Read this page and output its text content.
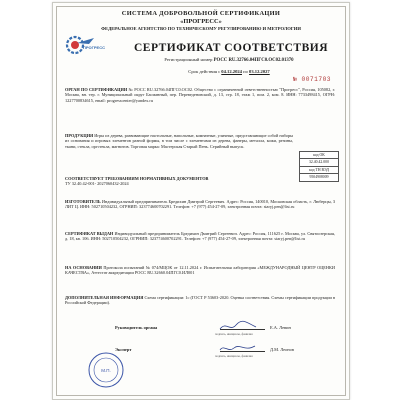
СИСТЕМА ДОБРОВОЛЬНОЙ СЕРТИФИКАЦИИ
«ПРОГРЕСС»
ФЕДЕРАЛЬНОЕ АГЕНТСТВО ПО ТЕХНИЧЕСКОМУ РЕГУЛИРОВАНИЮ И МЕТРОЛОГИИ
ПРОГРЕСС	СЕРТИФИКАТ СООТВЕТСТВИЯ
Регистрационный номер РОСС RU.32766.04ПГС0.ОС02.01370
Срок действия с 04.12.2024 по 03.12.2027
№ 0071703
ОРГАН ПО СЕРТИФИКАЦИИ № РОСС RU.32766.04ПГС0.ОС02. Общество с ограниченной ответственностью "Прогресс", Россия, 105082, г. Москва, вн. тер. г. Муниципальный округ Басманный, пер. Переведеновский, д. 13, стр. 18, этаж 1, пом. 2, ком. 8. ИНН: 7733498415, ОГРН: 1227700834615, email: progresscenter@yandex.ru
ПРОДУКЦИЯ Игры из дерева, развивающие настольные, напольные, комнатные, уличные, представляющие собой наборы из основания и игровых элементов разной формы, в том числе с элементами из дерева, фанеры, металла, кожи, резины, ткани, стекла, оргстекла, магнитов. Торговая марка: Мастерская Старый Пень. Серийный выпуск.
код ОК
32.40.42.000
код ТН ВЭД
9504908009
СООТВЕТСТВУЕТ ТРЕБОВАНИЯМ НОРМАТИВНЫХ ДОКУМЕНТОВ
ТУ 32.40.42-001- 2027060432-2024
ИЗГОТОВИТЕЛЬ Индивидуальный предприниматель Бредихин Дмитрий Сергеевич. Адрес: Россия, 140010, Московская область, г. Люберцы, 3 ЛИТ Ц. ИНН: 502710504232, ОГРНИП: 323774600702291. Телефон: +7 (977) 454-27-09, электронная почта: staryj.pen@list.ru
СЕРТИФИКАТ ВЫДАН Индивидуальный предприниматель Бредихин Дмитрий Сергеевич. Адрес: Россия, 111625 г. Москва, ул. Святоозерская, д. 18, кв. 106. ИНН: 502710504232, ОГРНИП: 323774600702291. Телефон: +7 (977) 454-27-09, электронная почта: staryj.pen@list.ru
НА ОСНОВАНИИ Протокола испытаний № 074/МЦОК от 12.11.2024 г. Испытательная лаборатория «МЕЖДУНАРОДНЫЙ ЦЕНТР ОЦЕНКИ КАЧЕСТВА», Аттестат аккредитации РОСС RU.32660.04ПГС0.ИЛ001
ДОПОЛНИТЕЛЬНАЯ ИНФОРМАЦИЯ Схема сертификации: 1с (ГОСТ Р 53603-2020. Оценка соответствия. Схемы сертификации продукции в Российской Федерации).
Руководитель органа	Е.А. Левин
подпись, инициалы, фамилия
Эксперт	Д.М. Леонов
подпись, инициалы, фамилия
М.П.
